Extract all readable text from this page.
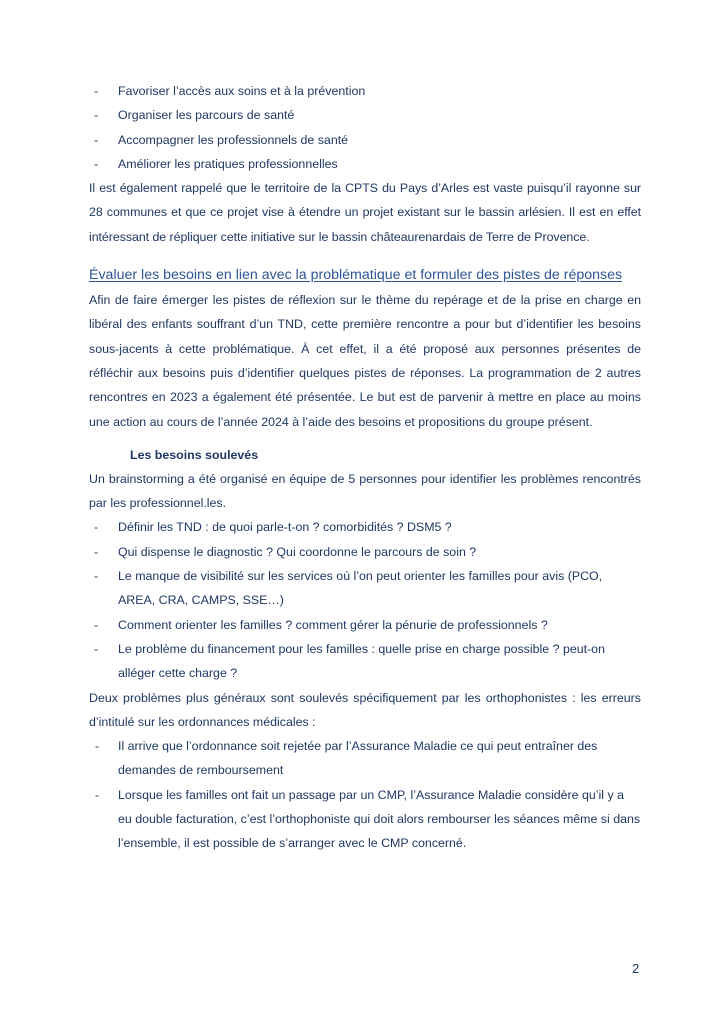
- Favoriser l’accès aux soins et à la prévention
- Organiser les parcours de santé
- Accompagner les professionnels de santé
- Améliorer les pratiques professionnelles

Il est également rappelé que le territoire de la CPTS du Pays d’Arles est vaste puisqu’il rayonne sur 28 communes et que ce projet vise à étendre un projet existant sur le bassin arlésien. Il est en effet intéressant de répliquer cette initiative sur le bassin châteaurenardais de Terre de Provence.

Évaluer les besoins en lien avec la problématique et formuler des pistes de réponses

Afin de faire émerger les pistes de réflexion sur le thème du repérage et de la prise en charge en libéral des enfants souffrant d’un TND, cette première rencontre a pour but d’identifier les besoins sous-jacents à cette problématique. À cet effet, il a été proposé aux personnes présentes de réfléchir aux besoins puis d’identifier quelques pistes de réponses. La programmation de 2 autres rencontres en 2023 a également été présentée. Le but est de parvenir à mettre en place au moins une action au cours de l’année 2024 à l’aide des besoins et propositions du groupe présent.

Les besoins soulevés

Un brainstorming a été organisé en équipe de 5 personnes pour identifier les problèmes rencontrés par les professionnel.les.

- Définir les TND : de quoi parle-t-on ? comorbidités ? DSM5 ?
- Qui dispense le diagnostic ? Qui coordonne le parcours de soin ?
- Le manque de visibilité sur les services où l’on peut orienter les familles pour avis (PCO, AREA, CRA, CAMPS, SSE…)
- Comment orienter les familles ? comment gérer la pénurie de professionnels ?
- Le problème du financement pour les familles : quelle prise en charge possible ? peut-on alléger cette charge ?

Deux problèmes plus généraux sont soulevés spécifiquement par les orthophonistes : les erreurs d’intitulé sur les ordonnances médicales :

- Il arrive que l’ordonnance soit rejetée par l’Assurance Maladie ce qui peut entraîner des demandes de remboursement
- Lorsque les familles ont fait un passage par un CMP, l’Assurance Maladie considère qu’il y a eu double facturation, c’est l’orthophoniste qui doit alors rembourser les séances même si dans l’ensemble, il est possible de s’arranger avec le CMP concerné.
2
